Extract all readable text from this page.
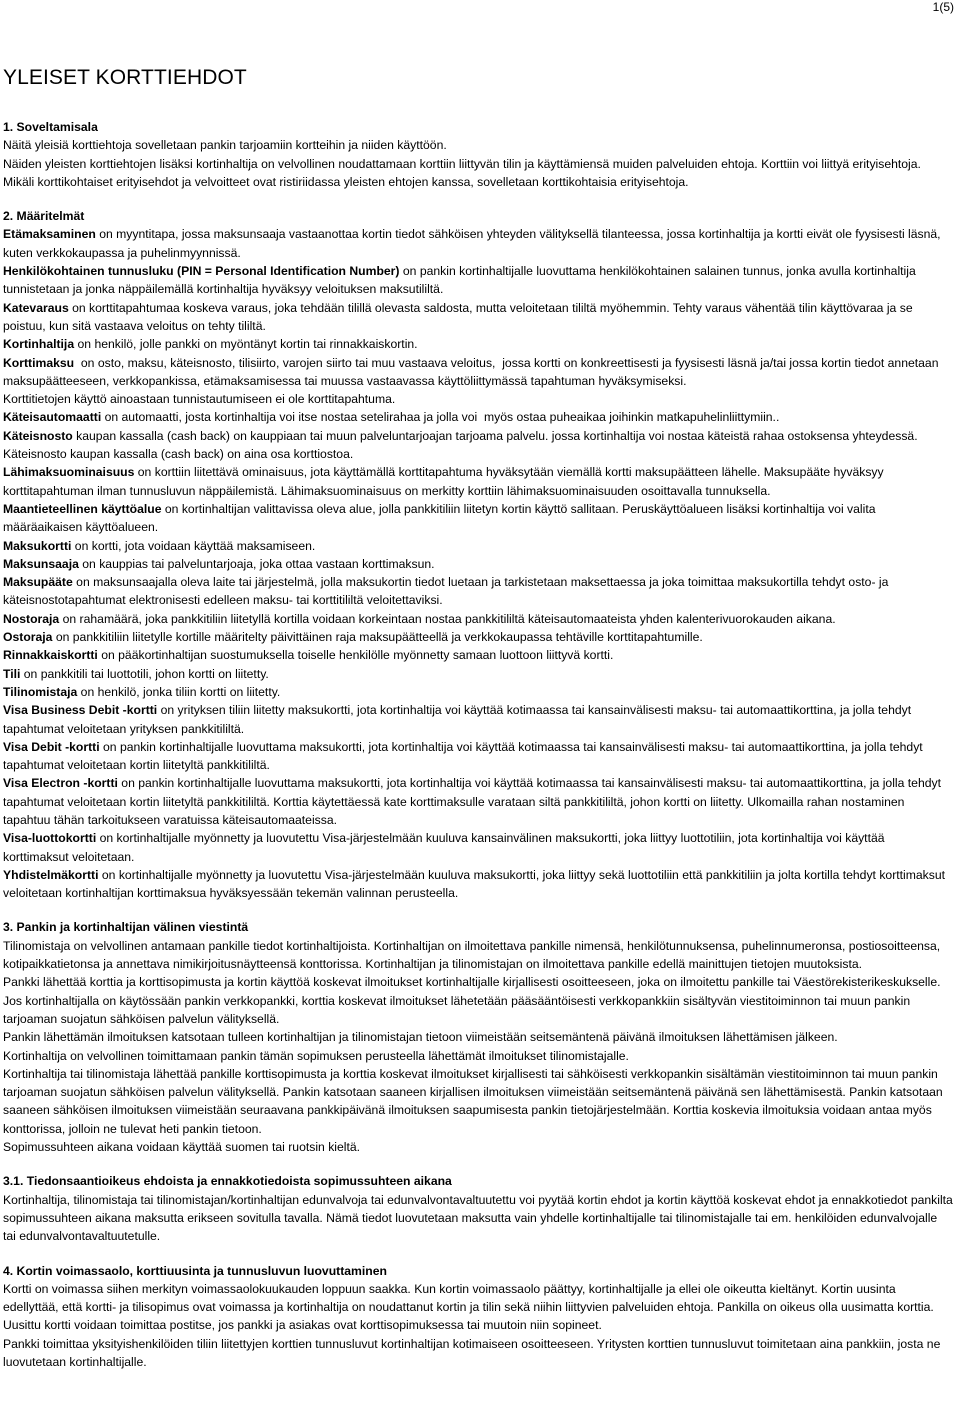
1(5)
YLEISET KORTTIEHDOT
1. Soveltamisala

Näitä yleisiä korttiehtoja sovelletaan pankin tarjoamiin kortteihin ja niiden käyttöön.

Näiden yleisten korttiehtojen lisäksi kortinhaltija on velvollinen noudattamaan korttiin liittyvän tilin ja käyttämiensä muiden palveluiden ehtoja. Korttiin voi liittyä erityisehtoja. Mikäli korttikohtaiset erityisehdot ja velvoitteet ovat ristiriidassa yleisten ehtojen kanssa, sovelletaan korttikohtaisia erityisehtoja.

2. Määritelmät

Etämaksaminen on myyntitapa, jossa maksunsaaja vastaanottaa kortin tiedot sähköisen yhteyden välityksellä tilanteessa, jossa kortinhaltija ja kortti eivät ole fyysisesti läsnä, kuten verkkokaupassa ja puhelinmyynnissä.

Henkilökohtainen tunnusluku (PIN = Personal Identification Number) on pankin kortinhaltijalle luovuttama henkilökohtainen salainen tunnus, jonka avulla kortinhaltija tunnistetaan ja jonka näppäilemällä kortinhaltija hyväksyy veloituksen maksutililtä.

Katevaraus on korttitapahtumaa koskeva varaus, joka tehdään tilillä olevasta saldosta, mutta veloitetaan tililtä myöhemmin. Tehty varaus vähentää tilin käyttövaraa ja se poistuu, kun sitä vastaava veloitus on tehty tililtä.

Kortinhaltija on henkilö, jolle pankki on myöntänyt kortin tai rinnakkaiskortin.

Korttimaksu  on osto, maksu, käteisnosto, tilisiirto, varojen siirto tai muu vastaava veloitus,  jossa kortti on konkreettisesti ja fyysisesti läsnä ja/tai jossa kortin tiedot annetaan maksupäätteeseen, verkkopankissa, etämaksamisessa tai muussa vastaavassa käyttöliittymässä tapahtuman hyväksymiseksi.

Korttitietojen käyttö ainoastaan tunnistautumiseen ei ole korttitapahtuma.

Käteisautomaatti on automaatti, josta kortinhaltija voi itse nostaa setelirahaa ja jolla voi  myös ostaa puheaikaa joihinkin matkapuhelinliittymiin..

Käteisnosto kaupan kassalla (cash back) on kauppiaan tai muun palveluntarjoajan tarjoama palvelu. jossa kortinhaltija voi nostaa käteistä rahaa ostoksensa yhteydessä. Käteisnosto kaupan kassalla (cash back) on aina osa korttiostoa.

Lähimaksuominaisuus on korttiin liitettävä ominaisuus, jota käyttämällä korttitapahtuma hyväksytään viemällä kortti maksupäätteen lähelle. Maksupääte hyväksyy korttitapahtuman ilman tunnusluvun näppäilemistä. Lähimaksuominaisuus on merkitty korttiin lähimaksuominaisuuden osoittavalla tunnuksella.

Maantieteellinen käyttöalue on kortinhaltijan valittavissa oleva alue, jolla pankkitiliin liitetyn kortin käyttö sallitaan. Peruskäyttöalueen lisäksi kortinhaltija voi valita määräaikaisen käyttöalueen.

Maksukortti on kortti, jota voidaan käyttää maksamiseen.

Maksunsaaja on kauppias tai palveluntarjoaja, joka ottaa vastaan korttimaksun.

Maksupääte on maksunsaajalla oleva laite tai järjestelmä, jolla maksukortin tiedot luetaan ja tarkistetaan maksettaessa ja joka toimittaa maksukortilla tehdyt osto- ja käteisnostotapahtumat elektronisesti edelleen maksu- tai korttitililtä veloitettaviksi.

Nostoraja on rahamäärä, joka pankkitiliin liitetyllä kortilla voidaan korkeintaan nostaa pankkitililtä käteisautomaateista yhden kalenterivuorokauden aikana.

Ostoraja on pankkitiliin liitetylle kortille määritelty päivittäinen raja maksupäätteellä ja verkkokaupassa tehtäville korttitapahtumille.

Rinnakkaiskortti on pääkortinhaltijan suostumuksella toiselle henkilölle myönnetty samaan luottoon liittyvä kortti.

Tili on pankkitili tai luottotili, johon kortti on liitetty.

Tilinomistaja on henkilö, jonka tiliin kortti on liitetty.

Visa Business Debit -kortti on yrityksen tiliin liitetty maksukortti, jota kortinhaltija voi käyttää kotimaassa tai kansainvälisesti maksu- tai automaattikorttina, ja jolla tehdyt tapahtumat veloitetaan yrityksen pankkitililtä.

Visa Debit -kortti on pankin kortinhaltijalle luovuttama maksukortti, jota kortinhaltija voi käyttää kotimaassa tai kansainvälisesti maksu- tai automaattikorttina, ja jolla tehdyt tapahtumat veloitetaan kortin liitetyltä pankkitililtä.

Visa Electron -kortti on pankin kortinhaltijalle luovuttama maksukortti, jota kortinhaltija voi käyttää kotimaassa tai kansainvälisesti maksu- tai automaattikorttina, ja jolla tehdyt tapahtumat veloitetaan kortin liitetyltä pankkitililtä. Korttia käytettäessä kate korttimaksulle varataan siltä pankkitililtä, johon kortti on liitetty. Ulkomailla rahan nostaminen tapahtuu tähän tarkoitukseen varatuissa käteisautomaateissa.

Visa-luottokortti on kortinhaltijalle myönnetty ja luovutettu Visa-järjestelmään kuuluva kansainvälinen maksukortti, joka liittyy luottotiliin, jota kortinhaltija voi käyttää korttimaksut veloitetaan.

Yhdistelmäkortti on kortinhaltijalle myönnetty ja luovutettu Visa-järjestelmään kuuluva maksukortti, joka liittyy sekä luottotiliin että pankkitiliin ja jolta kortilla tehdyt korttimaksut veloitetaan kortinhaltijan korttimaksua hyväksyessään tekemän valinnan perusteella.

3. Pankin ja kortinhaltijan välinen viestintä

Tilinomistaja on velvollinen antamaan pankille tiedot kortinhaltijoista. Kortinhaltijan on ilmoitettava pankille nimensä, henkilötunnuksensa, puhelinnumeronsa, postiosoitteensa, kotipaikkatietonsa ja annettava nimikirjoitusnäytteensä konttorissa. Kortinhaltijan ja tilinomistajan on ilmoitettava pankille edellä mainittujen tietojen muutoksista.

Pankki lähettää korttia ja korttisopimusta ja kortin käyttöä koskevat ilmoitukset kortinhaltijalle kirjallisesti osoitteeseen, joka on ilmoitettu pankille tai Väestörekisterikeskukselle. Jos kortinhaltijalla on käytössään pankin verkkopankki, korttia koskevat ilmoitukset lähetetään pääsääntöisesti verkkopankkiin sisältyvän viestitoiminnon tai muun pankin tarjoaman suojatun sähköisen palvelun välityksellä.

Pankin lähettämän ilmoituksen katsotaan tulleen kortinhaltijan ja tilinomistajan tietoon viimeistään seitsemäntenä päivänä ilmoituksen lähettämisen jälkeen.

Kortinhaltija on velvollinen toimittamaan pankin tämän sopimuksen perusteella lähettämät ilmoitukset tilinomistajalle.

Kortinhaltija tai tilinomistaja lähettää pankille korttisopimusta ja korttia koskevat ilmoitukset kirjallisesti tai sähköisesti verkkopankin sisältämän viestitoiminnon tai muun pankin tarjoaman suojatun sähköisen palvelun välityksellä. Pankin katsotaan saaneen kirjallisen ilmoituksen viimeistään seitsemäntenä päivänä sen lähettämisestä. Pankin katsotaan saaneen sähköisen ilmoituksen viimeistään seuraavana pankkipäivänä ilmoituksen saapumisesta pankin tietojärjestelmään. Korttia koskevia ilmoituksia voidaan antaa myös konttorissa, jolloin ne tulevat heti pankin tietoon.

Sopimussuhteen aikana voidaan käyttää suomen tai ruotsin kieltä.

3.1. Tiedonsaantioikeus ehdoista ja ennakkotiedoista sopimussuhteen aikana

Kortinhaltija, tilinomistaja tai tilinomistajan/kortinhaltijan edunvalvoja tai edunvalvontavaltuutettu voi pyytää kortin ehdot ja kortin käyttöä koskevat ehdot ja ennakkotiedot pankilta sopimussuhteen aikana maksutta erikseen sovitulla tavalla. Nämä tiedot luovutetaan maksutta vain yhdelle kortinhaltijalle tai tilinomistajalle tai em. henkilöiden edunvalvojalle tai edunvalvontavaltuutetulle.

4. Kortin voimassaolo, korttiuusinta ja tunnusluvun luovuttaminen

Kortti on voimassa siihen merkityn voimassaolokuukauden loppuun saakka. Kun kortin voimassaolo päättyy, kortinhaltijalle ja ellei ole oikeutta kieltänyt. Kortin uusinta edellyttää, että kortti- ja tilisopimus ovat voimassa ja kortinhaltija on noudattanut kortin ja tilin sekä niihin liittyvien palveluiden ehtoja. Pankilla on oikeus olla uusimatta korttia.

Uusittu kortti voidaan toimittaa postitse, jos pankki ja asiakas ovat korttisopimuksessa tai muutoin niin sopineet.

Pankki toimittaa yksityishenkilöiden tiliin liitettyjen korttien tunnusluvut kortinhaltijan kotimaiseen osoitteeseen. Yritysten korttien tunnusluvut toimitetaan aina pankkiin, josta ne luovutetaan kortinhaltijalle.
